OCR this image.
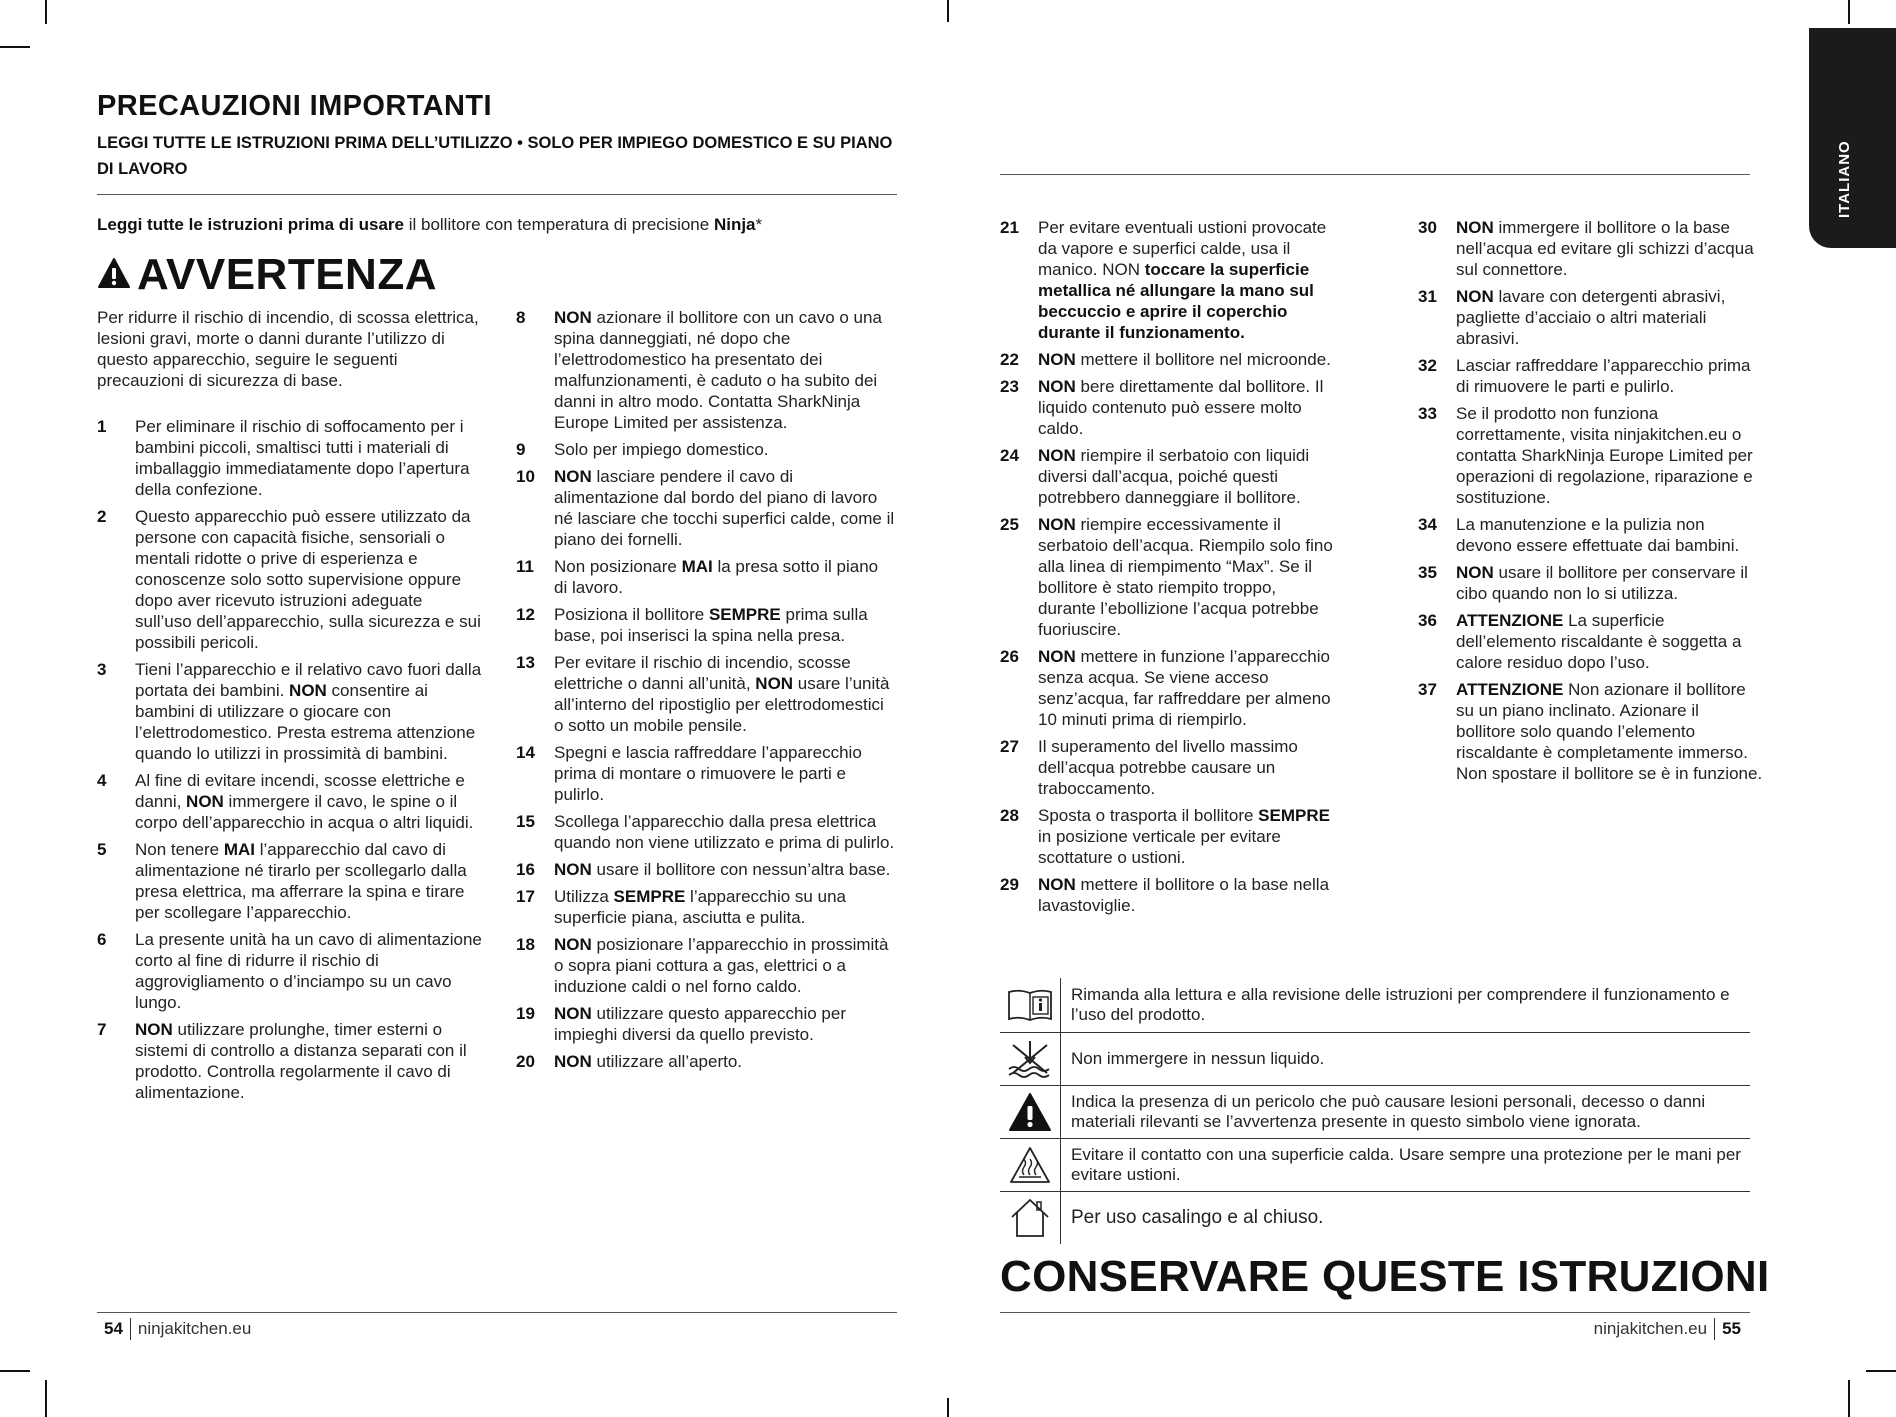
PRECAUZIONI IMPORTANTI

LEGGI TUTTE LE ISTRUZIONI PRIMA DELL’UTILIZZO • SOLO PER IMPIEGO DOMESTICO E SU PIANO DI LAVORO

Leggi tutte le istruzioni prima di usare il bollitore con temperatura di precisione Ninja*

AVVERTENZA

Per ridurre il rischio di incendio, di scossa elettrica, lesioni gravi, morte o danni durante l’utilizzo di questo apparecchio, seguire le seguenti precauzioni di sicurezza di base.

1 Per eliminare il rischio di soffocamento per i bambini piccoli, smaltisci tutti i materiali di imballaggio immediatamente dopo l’apertura della confezione.
2 Questo apparecchio può essere utilizzato da persone con capacità fisiche, sensoriali o mentali ridotte o prive di esperienza e conoscenze solo sotto supervisione oppure dopo aver ricevuto istruzioni adeguate sull’uso dell’apparecchio, sulla sicurezza e sui possibili pericoli.
3 Tieni l’apparecchio e il relativo cavo fuori dalla portata dei bambini. NON consentire ai bambini di utilizzare o giocare con l’elettrodomestico. Presta estrema attenzione quando lo utilizzi in prossimità di bambini.
4 Al fine di evitare incendi, scosse elettriche e danni, NON immergere il cavo, le spine o il corpo dell’apparecchio in acqua o altri liquidi.
5 Non tenere MAI l’apparecchio dal cavo di alimentazione né tirarlo per scollegarlo dalla presa elettrica, ma afferrare la spina e tirare per scollegare l’apparecchio.
6 La presente unità ha un cavo di alimentazione corto al fine di ridurre il rischio di aggrovigliamento o d’inciampo su un cavo lungo.
7 NON utilizzare prolunghe, timer esterni o sistemi di controllo a distanza separati con il prodotto. Controlla regolarmente il cavo di alimentazione.
8 NON azionare il bollitore con un cavo o una spina danneggiati, né dopo che l’elettrodomestico ha presentato dei malfunzionamenti, è caduto o ha subito dei danni in altro modo. Contatta SharkNinja Europe Limited per assistenza.
9 Solo per impiego domestico.
10 NON lasciare pendere il cavo di alimentazione dal bordo del piano di lavoro né lasciare che tocchi superfici calde, come il piano dei fornelli.
11 Non posizionare MAI la presa sotto il piano di lavoro.
12 Posiziona il bollitore SEMPRE prima sulla base, poi inserisci la spina nella presa.
13 Per evitare il rischio di incendio, scosse elettriche o danni all’unità, NON usare l’unità all’interno del ripostiglio per elettrodomestici o sotto un mobile pensile.
14 Spegni e lascia raffreddare l’apparecchio prima di montare o rimuovere le parti e pulirlo.
15 Scollega l’apparecchio dalla presa elettrica quando non viene utilizzato e prima di pulirlo.
16 NON usare il bollitore con nessun’altra base.
17 Utilizza SEMPRE l’apparecchio su una superficie piana, asciutta e pulita.
18 NON posizionare l’apparecchio in prossimità o sopra piani cottura a gas, elettrici o a induzione caldi o nel forno caldo.
19 NON utilizzare questo apparecchio per impieghi diversi da quello previsto.
20 NON utilizzare all’aperto.
54 ninjakitchen.eu
ITALIANO
21 Per evitare eventuali ustioni provocate da vapore e superfici calde, usa il manico. NON toccare la superficie metallica né allungare la mano sul beccuccio e aprire il coperchio durante il funzionamento.
22 NON mettere il bollitore nel microonde.
23 NON bere direttamente dal bollitore. Il liquido contenuto può essere molto caldo.
24 NON riempire il serbatoio con liquidi diversi dall’acqua, poiché questi potrebbero danneggiare il bollitore.
25 NON riempire eccessivamente il serbatoio dell’acqua. Riempilo solo fino alla linea di riempimento “Max”. Se il bollitore è stato riempito troppo, durante l’ebollizione l’acqua potrebbe fuoriuscire.
26 NON mettere in funzione l’apparecchio senza acqua. Se viene acceso senz’acqua, far raffreddare per almeno 10 minuti prima di riempirlo.
27 Il superamento del livello massimo dell’acqua potrebbe causare un traboccamento.
28 Sposta o trasporta il bollitore SEMPRE in posizione verticale per evitare scottature o ustioni.
29 NON mettere il bollitore o la base nella lavastoviglie.
30 NON immergere il bollitore o la base nell’acqua ed evitare gli schizzi d’acqua sul connettore.
31 NON lavare con detergenti abrasivi, pagliette d’acciaio o altri materiali abrasivi.
32 Lasciar raffreddare l’apparecchio prima di rimuovere le parti e pulirlo.
33 Se il prodotto non funziona correttamente, visita ninjakitchen.eu o contatta SharkNinja Europe Limited per operazioni di regolazione, riparazione e sostituzione.
34 La manutenzione e la pulizia non devono essere effettuate dai bambini.
35 NON usare il bollitore per conservare il cibo quando non lo si utilizza.
36 ATTENZIONE La superficie dell’elemento riscaldante è soggetta a calore residuo dopo l’uso.
37 ATTENZIONE Non azionare il bollitore su un piano inclinato. Azionare il bollitore solo quando l’elemento riscaldante è completamente immerso. Non spostare il bollitore se è in funzione.
Rimanda alla lettura e alla revisione delle istruzioni per comprendere il funzionamento e l’uso del prodotto.
Non immergere in nessun liquido.
Indica la presenza di un pericolo che può causare lesioni personali, decesso o danni materiali rilevanti se l’avvertenza presente in questo simbolo viene ignorata.
Evitare il contatto con una superficie calda. Usare sempre una protezione per le mani per evitare ustioni.
Per uso casalingo e al chiuso.
CONSERVARE QUESTE ISTRUZIONI
ninjakitchen.eu 55
